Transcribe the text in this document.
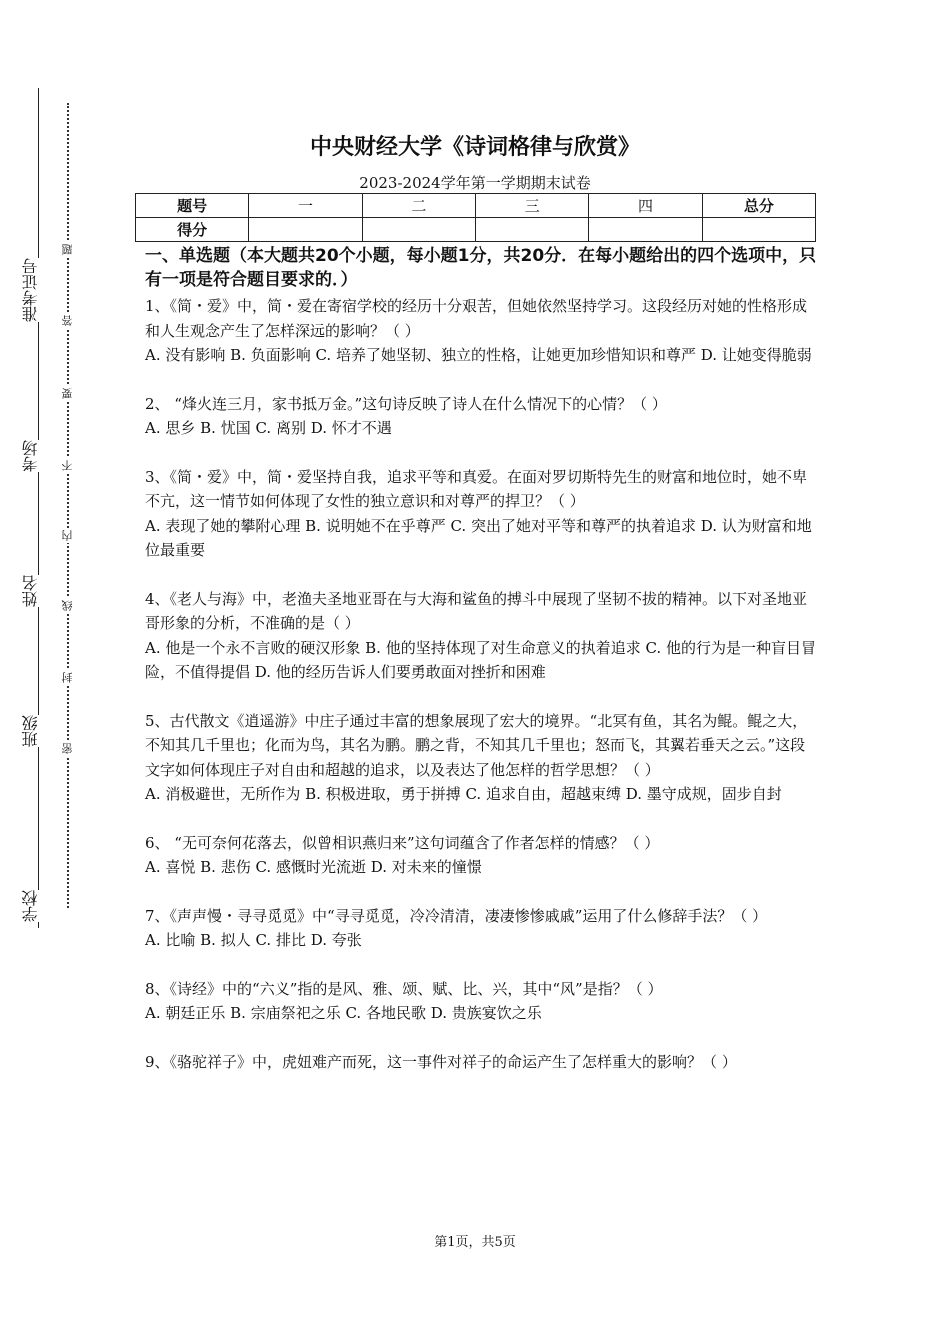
准考证号
考场
姓名
班级
学校
题
答
要
不
内
线
封
密
中央财经大学《诗词格律与欣赏》
2023-2024学年第一学期期末试卷
题号	一	二	三	四	总分
得分					
一、单选题（本大题共20个小题，每小题1分，共20分．在每小题给出的四个选项中，只有一项是符合题目要求的．）

1、《简・爱》中，简・爱在寄宿学校的经历十分艰苦，但她依然坚持学习。这段经历对她的性格形成和人生观念产生了怎样深远的影响？（ ）

A. 没有影响 B. 负面影响 C. 培养了她坚韧、独立的性格，让她更加珍惜知识和尊严 D. 让她变得脆弱

2、 “烽火连三月，家书抵万金。”这句诗反映了诗人在什么情况下的心情？（ ）

A. 思乡 B. 忧国 C. 离别 D. 怀才不遇

3、《简・爱》中，简・爱坚持自我，追求平等和真爱。在面对罗切斯特先生的财富和地位时，她不卑不亢，这一情节如何体现了女性的独立意识和对尊严的捍卫？（ ）

A. 表现了她的攀附心理 B. 说明她不在乎尊严 C. 突出了她对平等和尊严的执着追求 D. 认为财富和地位最重要

4、《老人与海》中，老渔夫圣地亚哥在与大海和鲨鱼的搏斗中展现了坚韧不拔的精神。以下对圣地亚哥形象的分析，不准确的是（ ）

A. 他是一个永不言败的硬汉形象 B. 他的坚持体现了对生命意义的执着追求 C. 他的行为是一种盲目冒险，不值得提倡 D. 他的经历告诉人们要勇敢面对挫折和困难

5、古代散文《逍遥游》中庄子通过丰富的想象展现了宏大的境界。“北冥有鱼，其名为鲲。鲲之大，不知其几千里也；化而为鸟，其名为鹏。鹏之背，不知其几千里也；怒而飞，其翼若垂天之云。”这段文字如何体现庄子对自由和超越的追求，以及表达了他怎样的哲学思想？（ ）

A. 消极避世，无所作为 B. 积极进取，勇于拼搏 C. 追求自由，超越束缚 D. 墨守成规，固步自封

6、 “无可奈何花落去，似曾相识燕归来”这句词蕴含了作者怎样的情感？（ ）

A. 喜悦 B. 悲伤 C. 感慨时光流逝 D. 对未来的憧憬

7、《声声慢・寻寻觅觅》中“寻寻觅觅，冷冷清清，凄凄惨惨戚戚”运用了什么修辞手法？（ ）

A. 比喻 B. 拟人 C. 排比 D. 夸张

8、《诗经》中的“六义”指的是风、雅、颂、赋、比、兴，其中“风”是指？（ ）

A. 朝廷正乐 B. 宗庙祭祀之乐 C. 各地民歌 D. 贵族宴饮之乐

9、《骆驼祥子》中，虎妞难产而死，这一事件对祥子的命运产生了怎样重大的影响？（ ）

第1页，共5页
